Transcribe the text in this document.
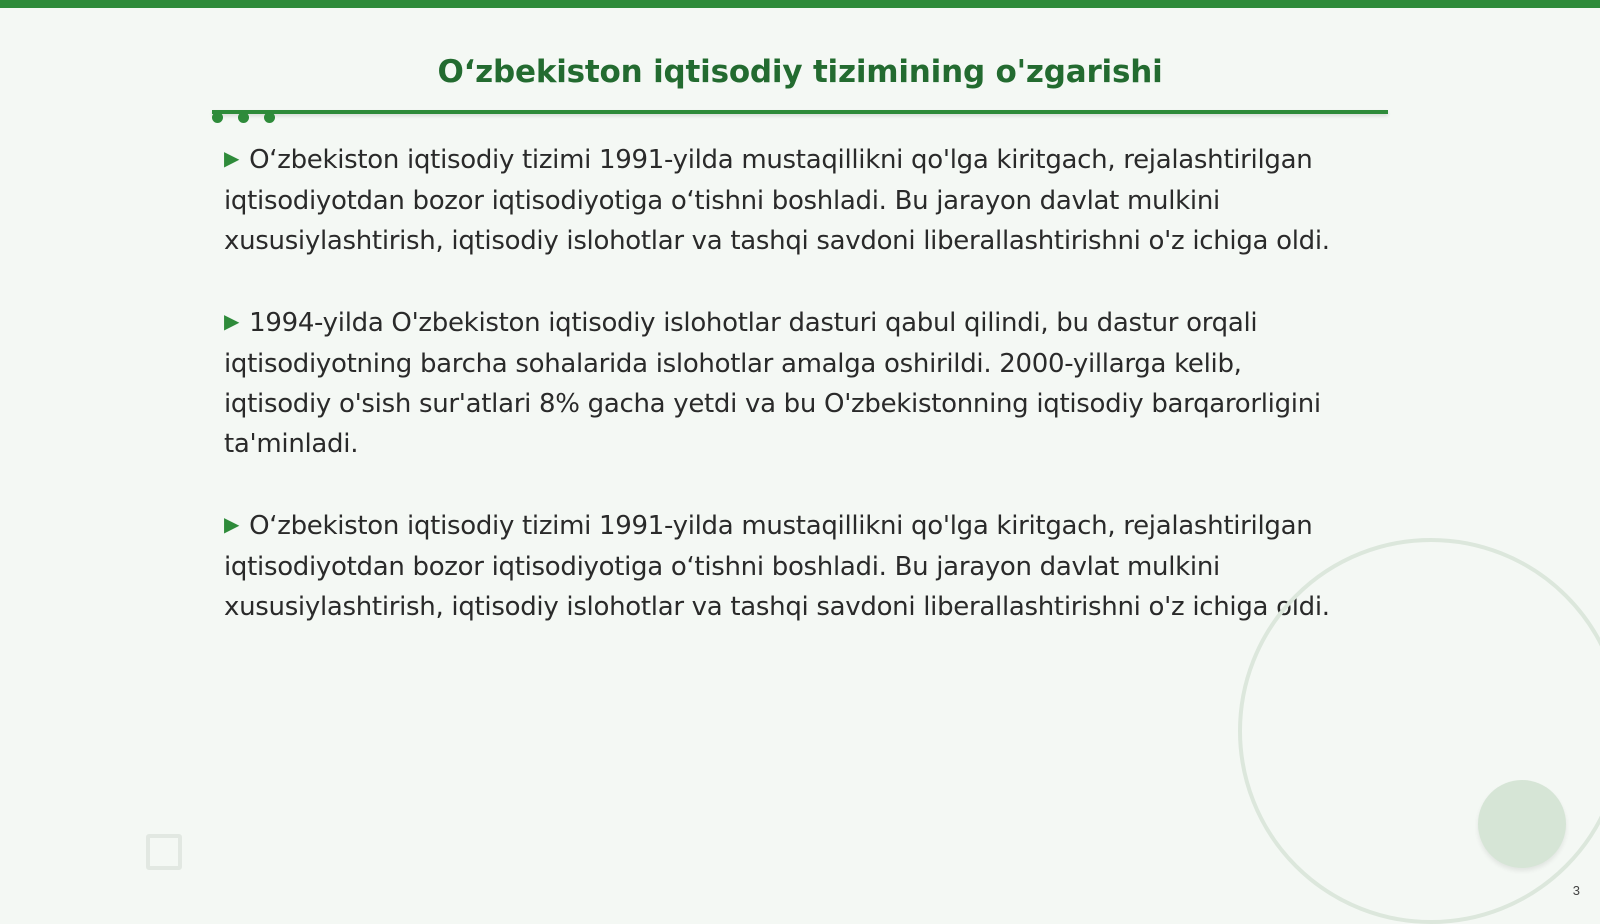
O‘zbekiston iqtisodiy tizimining o'zgarishi

▶ O‘zbekiston iqtisodiy tizimi 1991-yilda mustaqillikni qo'lga kiritgach, rejalashtirilgan iqtisodiyotdan bozor iqtisodiyotiga o‘tishni boshladi. Bu jarayon davlat mulkini xususiylashtirish, iqtisodiy islohotlar va tashqi savdoni liberallashtirishni o'z ichiga oldi.

▶ 1994-yilda O'zbekiston iqtisodiy islohotlar dasturi qabul qilindi, bu dastur orqali iqtisodiyotning barcha sohalarida islohotlar amalga oshirildi. 2000-yillarga kelib, iqtisodiy o'sish sur'atlari 8% gacha yetdi va bu O'zbekistonning iqtisodiy barqarorligini ta'minladi.

▶ O‘zbekiston iqtisodiy tizimi 1991-yilda mustaqillikni qo'lga kiritgach, rejalashtirilgan iqtisodiyotdan bozor iqtisodiyotiga o‘tishni boshladi. Bu jarayon davlat mulkini xususiylashtirish, iqtisodiy islohotlar va tashqi savdoni liberallashtirishni o'z ichiga oldi.

3
